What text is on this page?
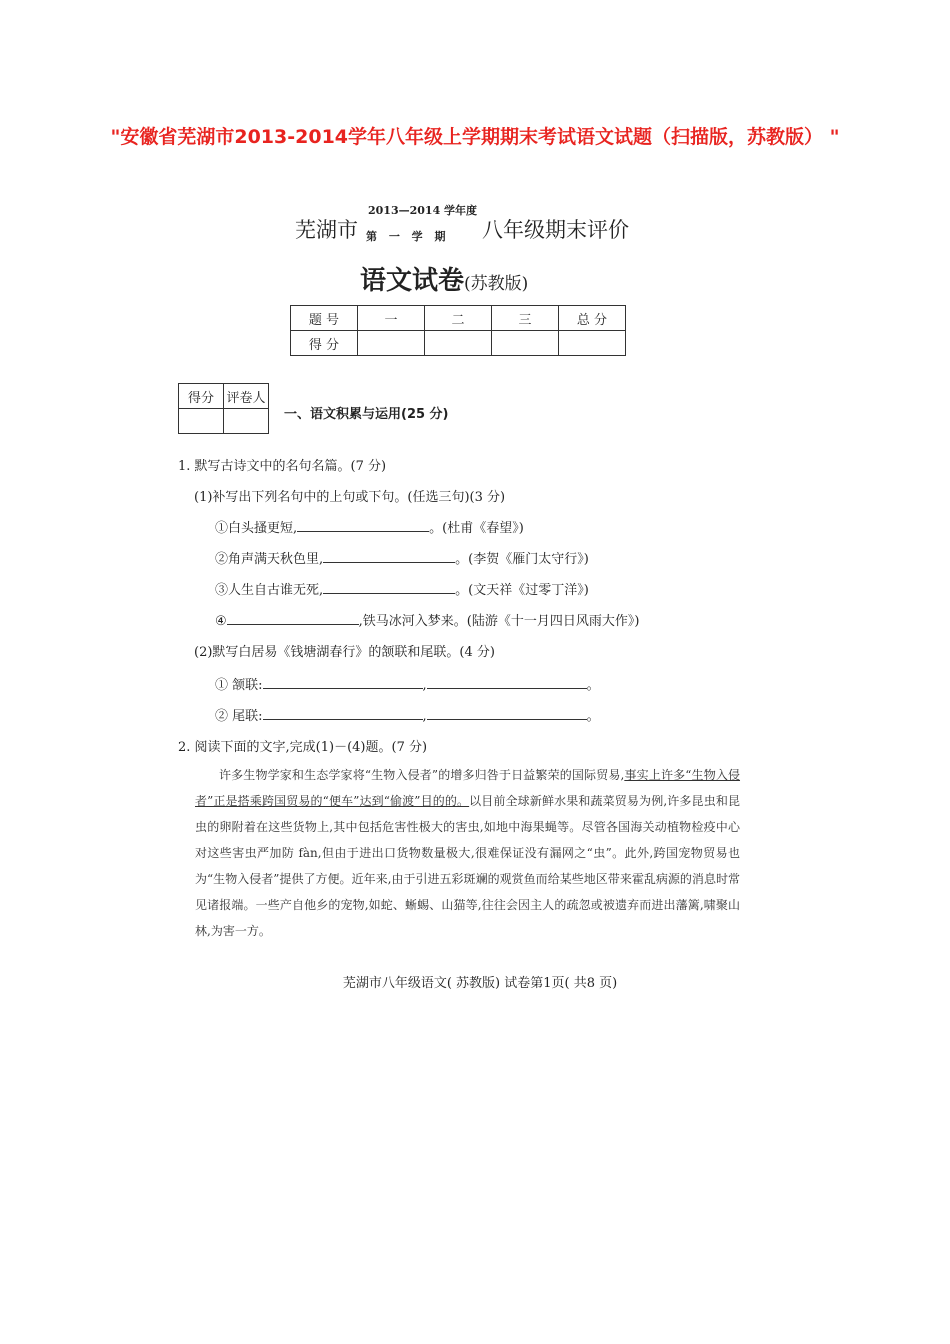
"安徽省芜湖市2013-2014学年八年级上学期期末考试语文试题（扫描版，苏教版） "
芜湖市
2013—2014 学年度
第 一 学 期 八年级期末评价
语文试卷(苏教版)
题 号	一	二	三	总 分
得 分				
得分	评卷人

一、语文积累与运用(25 分)
1. 默写古诗文中的名句名篇。(7 分)
(1)补写出下列名句中的上句或下句。(任选三句)(3 分)
①白头搔更短,	。(杜甫《春望》)
②角声满天秋色里,	。(李贺《雁门太守行》)
③人生自古谁无死,	。(文天祥《过零丁洋》)
④	,铁马冰河入梦来。(陆游《十一月四日风雨大作》)
(2)默写白居易《钱塘湖春行》的颔联和尾联。(4 分)
① 颔联:	,	。
② 尾联:	,	。
2. 阅读下面的文字,完成(1)－(4)题。(7 分)

许多生物学家和生态学家将“生物入侵者”的增多归咎于日益繁荣的国际贸易,事实上许多“生物入侵者”正是搭乘跨国贸易的“便车”达到“偷渡”目的的。以目前全球新鲜水果和蔬菜贸易为例,许多昆虫和昆虫的卵附着在这些货物上,其中包括危害性极大的害虫,如地中海果蝇等。尽管各国海关动植物检疫中心对这些害虫严加防 fàn,但由于进出口货物数量极大,很难保证没有漏网之“虫”。此外,跨国宠物贸易也为“生物入侵者”提供了方便。近年来,由于引进五彩斑斓的观赏鱼而给某些地区带来霍乱病源的消息时常见诸报端。一些产自他乡的宠物,如蛇、蜥蜴、山猫等,往往会因主人的疏忽或被遗弃而进出藩篱,啸聚山林,为害一方。

芜湖市八年级语文( 苏教版) 试卷第1页( 共8 页)
